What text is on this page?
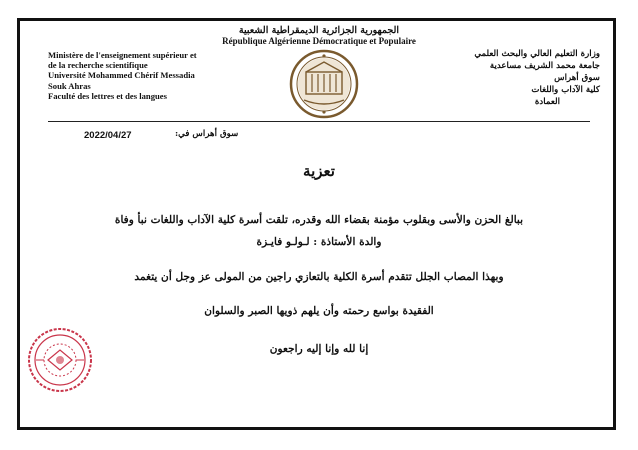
الجمهورية الجزائرية الديمقراطية الشعبية
République Algérienne Démocratique et Populaire
Ministère de l'enseignement supérieur et
de la recherche scientifique
Université Mohammed Chérif Messadia
Souk Ahras
Faculté des lettres et des langues
وزارة التعليم العالي والبحث العلمي
جامعة محمد الشريف مساعدية
سوق أهراس
كلية الآداب واللغات
العمادة
2022/04/27	سوق أهراس في:
تعزية
ببالغ الحزن والأسى وبقلوب مؤمنة بقضاء الله وقدره، تلقت أسرة كلية الآداب واللغات نبأ وفاة
والدة الأستاذة : لـولـو فايـزة
وبهذا المصاب الجلل تتقدم أسرة الكلية بالتعازي راجين من المولى عز وجل أن يتغمد
الفقيدة بواسع رحمته وأن يلهم ذويها الصبر والسلوان
إنا لله وإنا إليه راجعون
